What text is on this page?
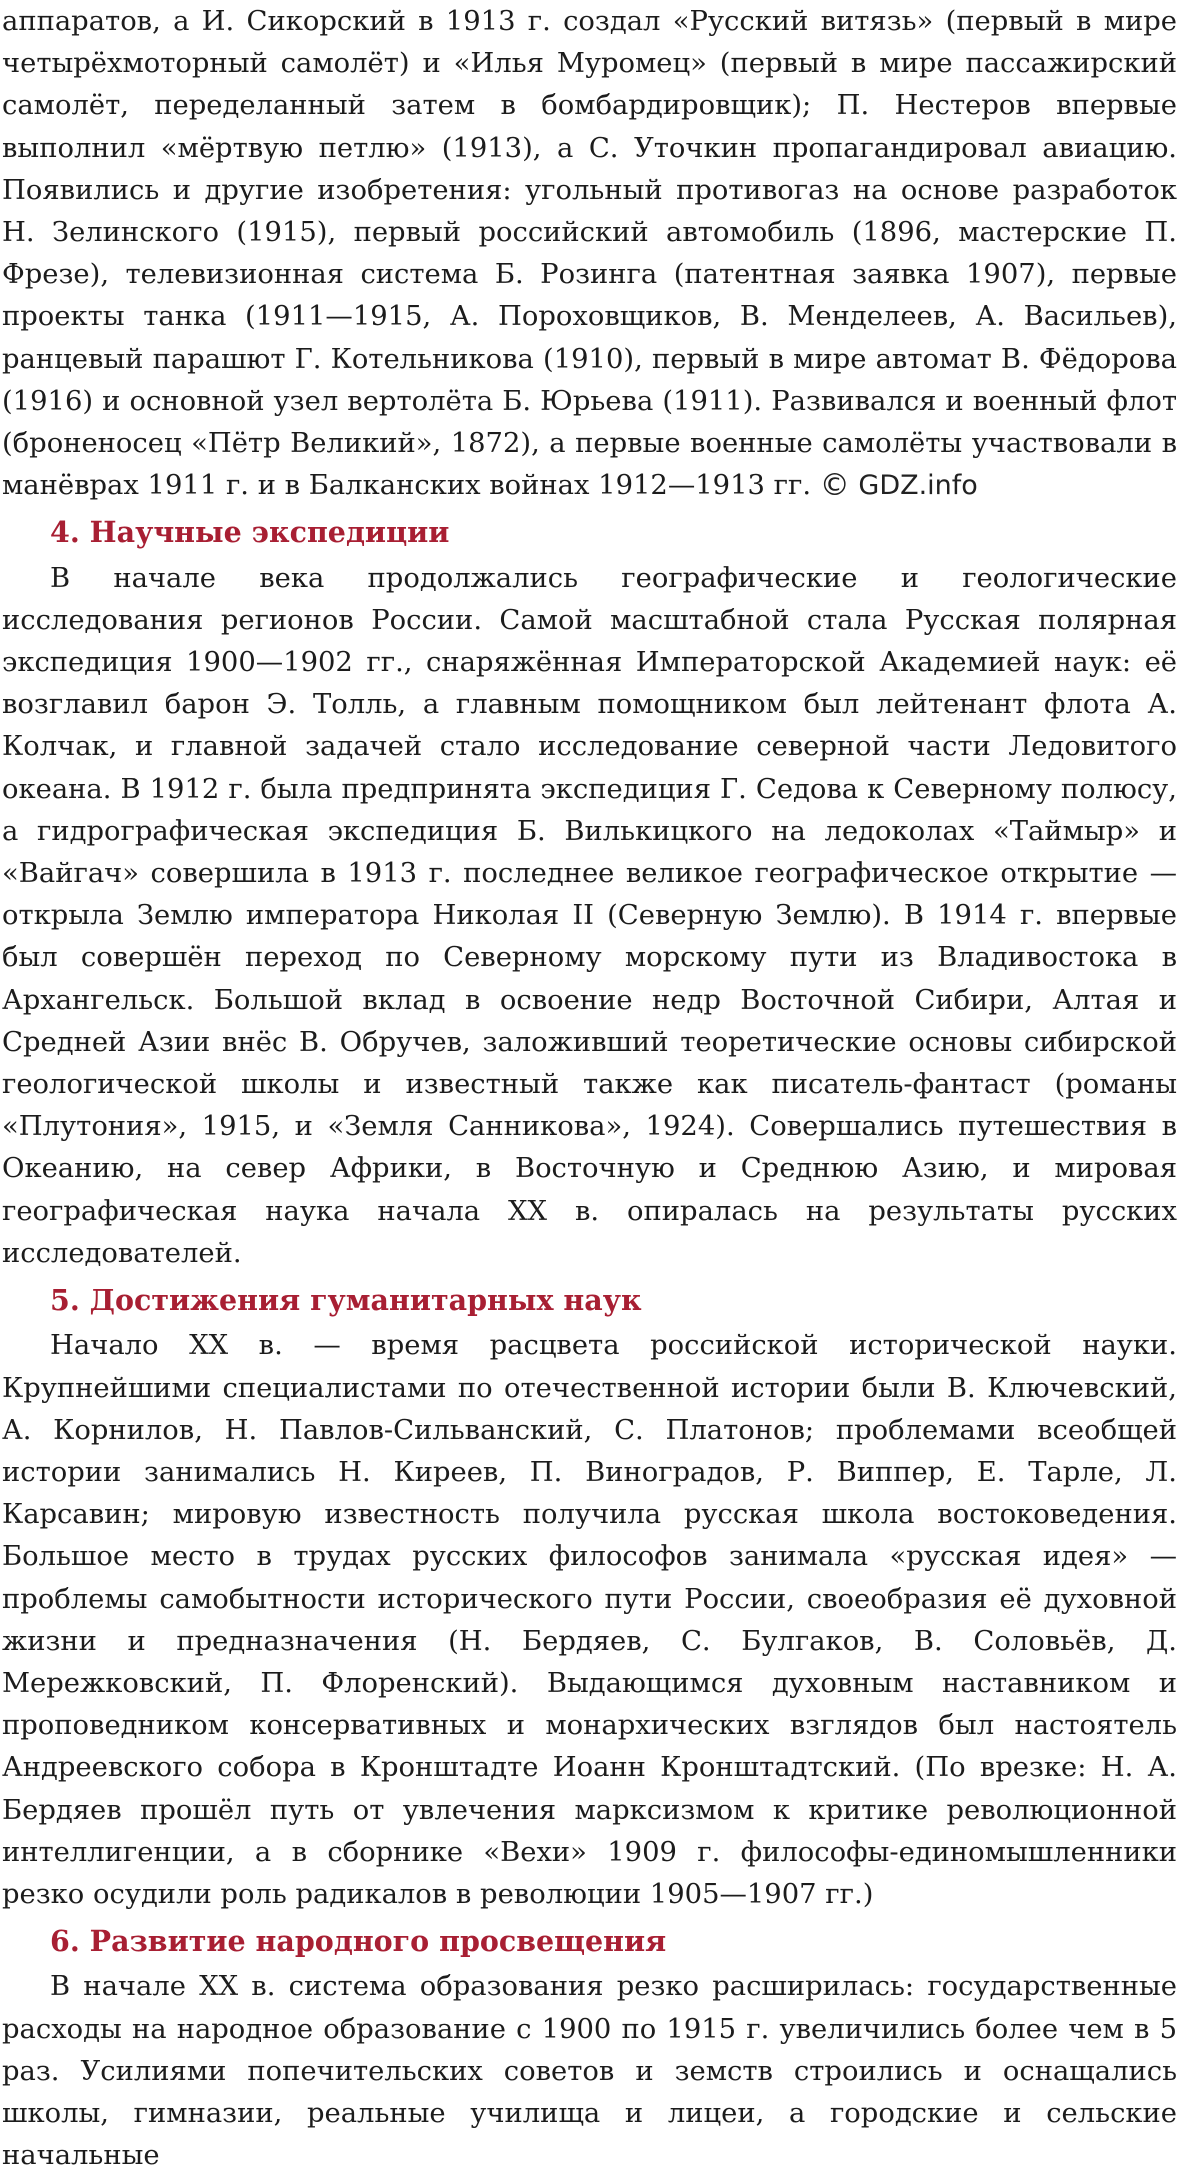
аппаратов, а И. Сикорский в 1913 г. создал «Русский витязь» (первый в мире четырёхмоторный самолёт) и «Илья Муромец» (первый в мире пассажирский самолёт, переделанный затем в бомбардировщик); П. Нестеров впервые выполнил «мёртвую петлю» (1913), а С. Уточкин пропагандировал авиацию. Появились и другие изобретения: угольный противогаз на основе разработок Н. Зелинского (1915), первый российский автомобиль (1896, мастерские П. Фрезе), телевизионная система Б. Розинга (патентная заявка 1907), первые проекты танка (1911—1915, А. Пороховщиков, В. Менделеев, А. Васильев), ранцевый парашют Г. Котельникова (1910), первый в мире автомат В. Фёдорова (1916) и основной узел вертолёта Б. Юрьева (1911). Развивался и военный флот (броненосец «Пётр Великий», 1872), а первые военные самолёты участвовали в манёврах 1911 г. и в Балканских войнах 1912—1913 гг. © GDZ.info

4. Научные экспедиции

В начале века продолжались географические и геологические исследования регионов России. Самой масштабной стала Русская полярная экспедиция 1900—1902 гг., снаряжённая Императорской Академией наук: её возглавил барон Э. Толль, а главным помощником был лейтенант флота А. Колчак, и главной задачей стало исследование северной части Ледовитого океана. В 1912 г. была предпринята экспедиция Г. Седова к Северному полюсу, а гидрографическая экспедиция Б. Вилькицкого на ледоколах «Таймыр» и «Вайгач» совершила в 1913 г. последнее великое географическое открытие — открыла Землю императора Николая II (Северную Землю). В 1914 г. впервые был совершён переход по Северному морскому пути из Владивостока в Архангельск. Большой вклад в освоение недр Восточной Сибири, Алтая и Средней Азии внёс В. Обручев, заложивший теоретические основы сибирской геологической школы и известный также как писатель-фантаст (романы «Плутония», 1915, и «Земля Санникова», 1924). Совершались путешествия в Океанию, на север Африки, в Восточную и Среднюю Азию, и мировая географическая наука начала XX в. опиралась на результаты русских исследователей.

5. Достижения гуманитарных наук

Начало XX в. — время расцвета российской исторической науки. Крупнейшими специалистами по отечественной истории были В. Ключевский, А. Корнилов, Н. Павлов-Сильванский, С. Платонов; проблемами всеобщей истории занимались Н. Киреев, П. Виноградов, Р. Виппер, Е. Тарле, Л. Карсавин; мировую известность получила русская школа востоковедения. Большое место в трудах русских философов занимала «русская идея» — проблемы самобытности исторического пути России, своеобразия её духовной жизни и предназначения (Н. Бердяев, С. Булгаков, В. Соловьёв, Д. Мережковский, П. Флоренский). Выдающимся духовным наставником и проповедником консервативных и монархических взглядов был настоятель Андреевского собора в Кронштадте Иоанн Кронштадтский. (По врезке: Н. А. Бердяев прошёл путь от увлечения марксизмом к критике революционной интеллигенции, а в сборнике «Вехи» 1909 г. философы-единомышленники резко осудили роль радикалов в революции 1905—1907 гг.)

6. Развитие народного просвещения

В начале XX в. система образования резко расширилась: государственные расходы на народное образование с 1900 по 1915 г. увеличились более чем в 5 раз. Усилиями попечительских советов и земств строились и оснащались школы, гимназии, реальные училища и лицеи, а городские и сельские начальные
